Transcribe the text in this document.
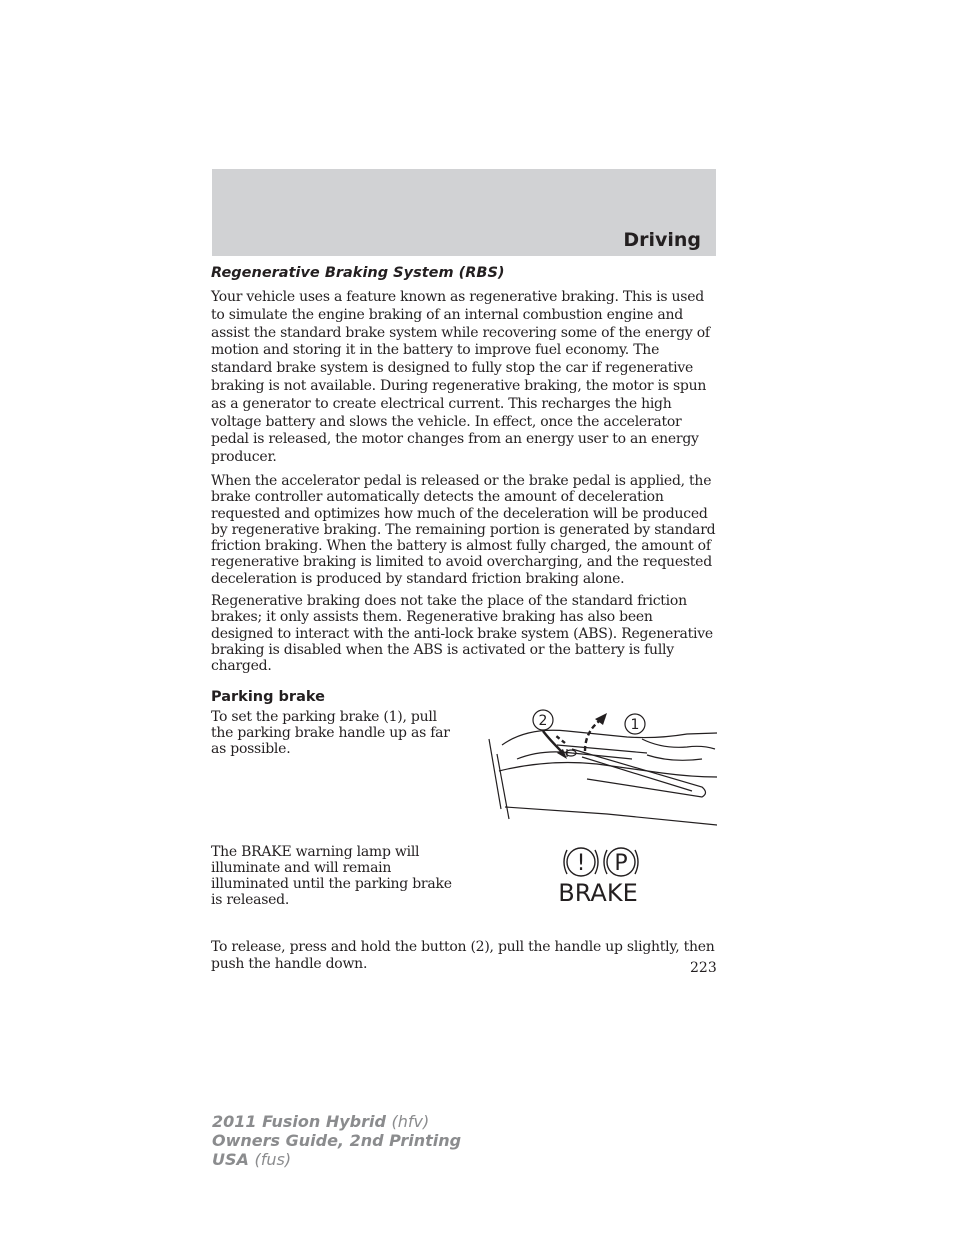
Driving
Regenerative Braking System (RBS)

Your vehicle uses a feature known as regenerative braking. This is used to simulate the engine braking of an internal combustion engine and assist the standard brake system while recovering some of the energy of motion and storing it in the battery to improve fuel economy. The standard brake system is designed to fully stop the car if regenerative braking is not available. During regenerative braking, the motor is spun as a generator to create electrical current. This recharges the high voltage battery and slows the vehicle. In effect, once the accelerator pedal is released, the motor changes from an energy user to an energy producer.

When the accelerator pedal is released or the brake pedal is applied, the brake controller automatically detects the amount of deceleration requested and optimizes how much of the deceleration will be produced by regenerative braking. The remaining portion is generated by standard friction braking. When the battery is almost fully charged, the amount of regenerative braking is limited to avoid overcharging, and the requested deceleration is produced by standard friction braking alone.

Regenerative braking does not take the place of the standard friction brakes; it only assists them. Regenerative braking has also been designed to interact with the anti-lock brake system (ABS). Regenerative braking is disabled when the ABS is activated or the battery is fully charged.

Parking brake

To set the parking brake (1), pull the parking brake handle up as far as possible.

2	1

The BRAKE warning lamp will illuminate and will remain illuminated until the parking brake is released.

! P
BRAKE

To release, press and hold the button (2), pull the handle up slightly, then push the handle down.	223
2011 Fusion Hybrid (hfv)
Owners Guide, 2nd Printing
USA (fus)
